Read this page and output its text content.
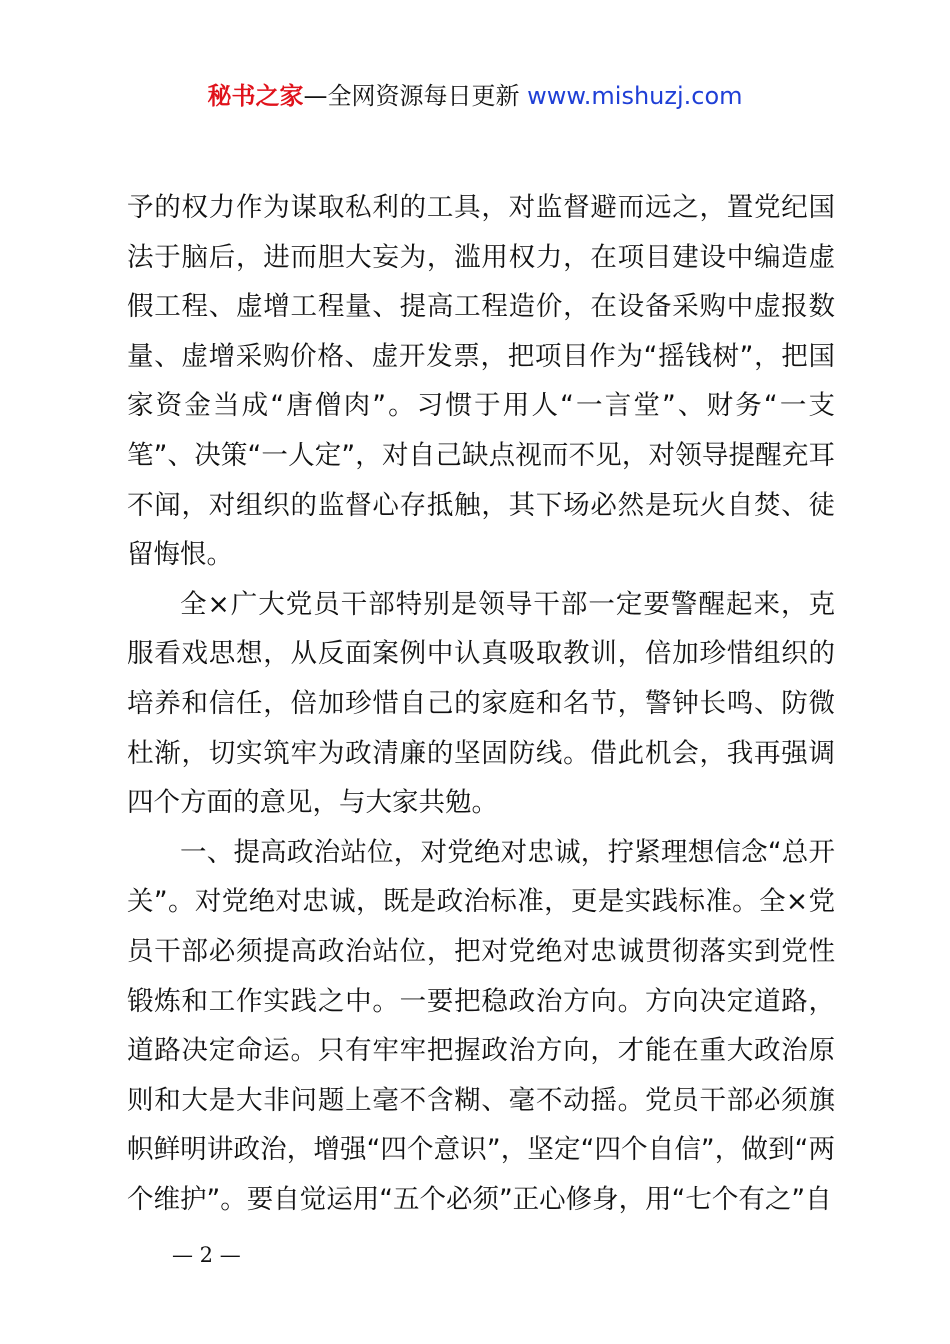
秘书之家—全网资源每日更新 www.mishuzj.com

予的权力作为谋取私利的工具，对监督避而远之，置党纪国法于脑后，进而胆大妄为，滥用权力，在项目建设中编造虚假工程、虚增工程量、提高工程造价，在设备采购中虚报数量、虚增采购价格、虚开发票，把项目作为“摇钱树”，把国家资金当成“唐僧肉”。习惯于用人“一言堂”、财务“一支笔”、决策“一人定”，对自己缺点视而不见，对领导提醒充耳不闻，对组织的监督心存抵触，其下场必然是玩火自焚、徒留悔恨。

全×广大党员干部特别是领导干部一定要警醒起来，克服看戏思想，从反面案例中认真吸取教训，倍加珍惜组织的培养和信任，倍加珍惜自己的家庭和名节，警钟长鸣、防微杜渐，切实筑牢为政清廉的坚固防线。借此机会，我再强调四个方面的意见，与大家共勉。

一、提高政治站位，对党绝对忠诚，拧紧理想信念“总开关”。对党绝对忠诚，既是政治标准，更是实践标准。全×党员干部必须提高政治站位，把对党绝对忠诚贯彻落实到党性锻炼和工作实践之中。一要把稳政治方向。方向决定道路，道路决定命运。只有牢牢把握政治方向，才能在重大政治原则和大是大非问题上毫不含糊、毫不动摇。党员干部必须旗帜鲜明讲政治，增强“四个意识”，坚定“四个自信”，做到“两个维护”。要自觉运用“五个必须”正心修身，用“七个有之”自

— 2 —
